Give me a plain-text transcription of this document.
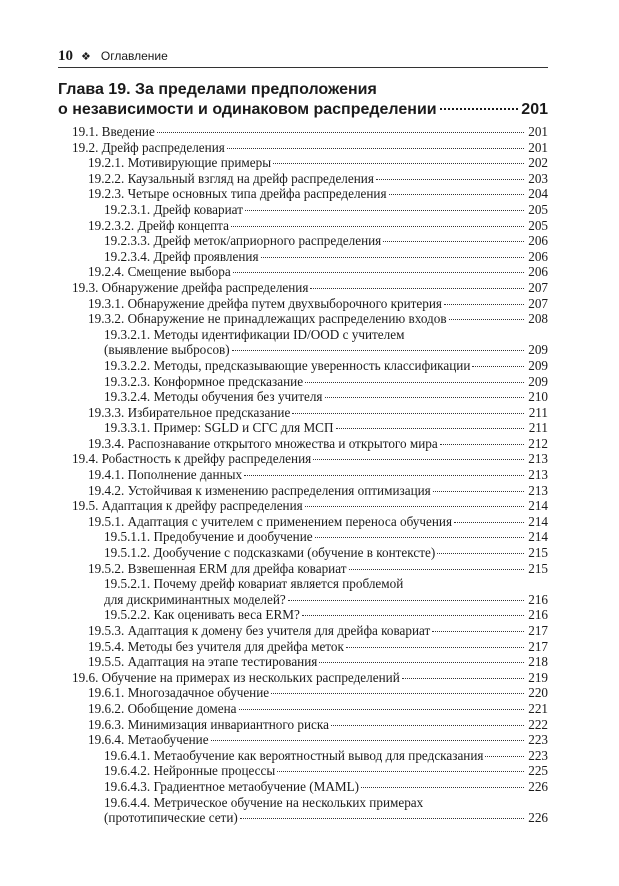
10 ❖ Оглавление
Глава 19. За пределами предположения
о независимости и одинаковом распределении	201
19.1. Введение	201
19.2. Дрейф распределения	201
19.2.1. Мотивирующие примеры	202
19.2.2. Каузальный взгляд на дрейф распределения	203
19.2.3. Четыре основных типа дрейфа распределения	204
19.2.3.1. Дрейф ковариат	205
19.2.3.2. Дрейф концепта	205
19.2.3.3. Дрейф меток/априорного распределения	206
19.2.3.4. Дрейф проявления	206
19.2.4. Смещение выбора	206
19.3. Обнаружение дрейфа распределения	207
19.3.1. Обнаружение дрейфа путем двухвыборочного критерия	207
19.3.2. Обнаружение не принадлежащих распределению входов	208
19.3.2.1. Методы идентификации ID/OOD с учителем
(выявление выбросов)	209
19.3.2.2. Методы, предсказывающие уверенность классификации	209
19.3.2.3. Конформное предсказание	209
19.3.2.4. Методы обучения без учителя	210
19.3.3. Избирательное предсказание	211
19.3.3.1. Пример: SGLD и СГС для МСП	211
19.3.4. Распознавание открытого множества и открытого мира	212
19.4. Робастность к дрейфу распределения	213
19.4.1. Пополнение данных	213
19.4.2. Устойчивая к изменению распределения оптимизация	213
19.5. Адаптация к дрейфу распределения	214
19.5.1. Адаптация с учителем с применением переноса обучения	214
19.5.1.1. Предобучение и дообучение	214
19.5.1.2. Дообучение с подсказками (обучение в контексте)	215
19.5.2. Взвешенная ERM для дрейфа ковариат	215
19.5.2.1. Почему дрейф ковариат является проблемой
для дискриминантных моделей?	216
19.5.2.2. Как оценивать веса ERM?	216
19.5.3. Адаптация к домену без учителя для дрейфа ковариат	217
19.5.4. Методы без учителя для дрейфа меток	217
19.5.5. Адаптация на этапе тестирования	218
19.6. Обучение на примерах из нескольких распределений	219
19.6.1. Многозадачное обучение	220
19.6.2. Обобщение домена	221
19.6.3. Минимизация инвариантного риска	222
19.6.4. Метаобучение	223
19.6.4.1. Метаобучение как вероятностный вывод для предсказания	223
19.6.4.2. Нейронные процессы	225
19.6.4.3. Градиентное метаобучение (MAML)	226
19.6.4.4. Метрическое обучение на нескольких примерах
(прототипические сети)	226
